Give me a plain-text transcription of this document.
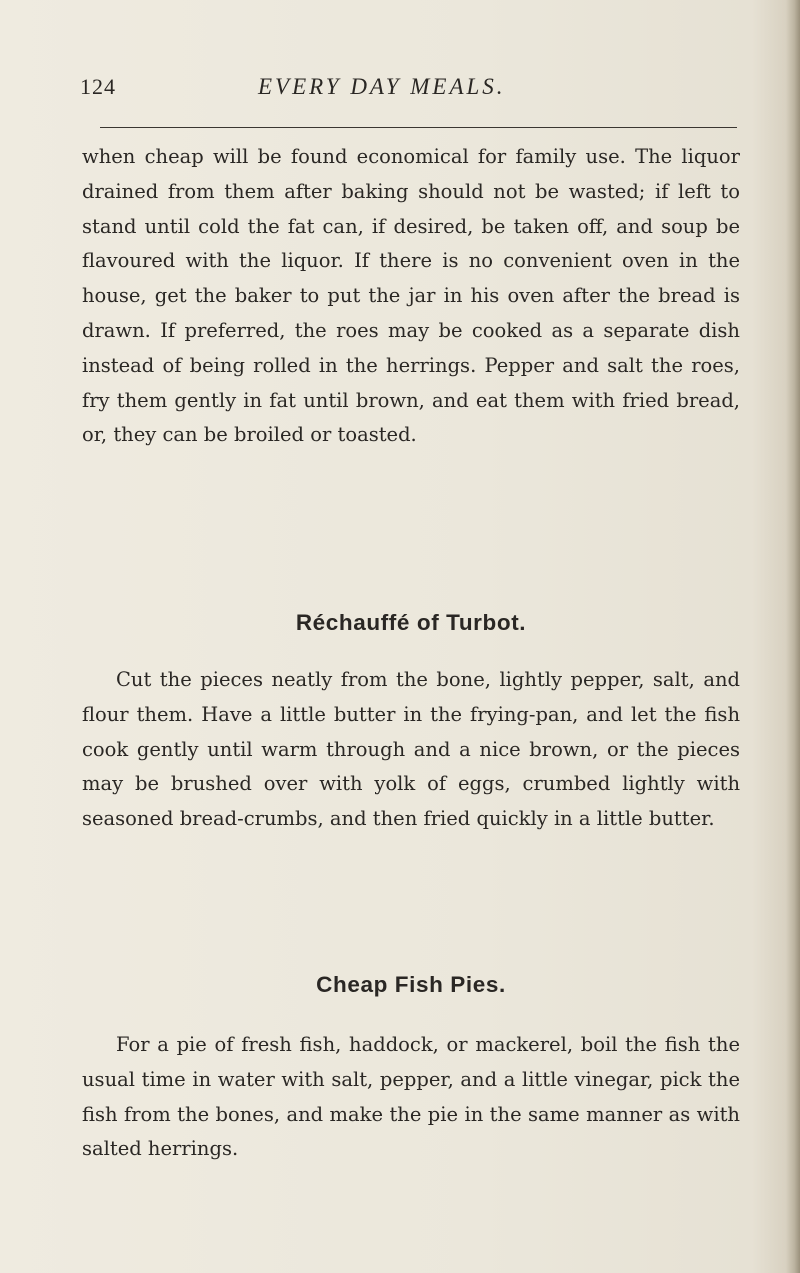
124	EVERY DAY MEALS.

when cheap will be found economical for family use. The liquor drained from them after baking should not be wasted; if left to stand until cold the fat can, if desired, be taken off, and soup be flavoured with the liquor. If there is no convenient oven in the house, get the baker to put the jar in his oven after the bread is drawn. If preferred, the roes may be cooked as a separate dish instead of being rolled in the herrings. Pepper and salt the roes, fry them gently in fat until brown, and eat them with fried bread, or, they can be broiled or toasted.

Réchauffé of Turbot.

Cut the pieces neatly from the bone, lightly pepper, salt, and flour them. Have a little butter in the frying-pan, and let the fish cook gently until warm through and a nice brown, or the pieces may be brushed over with yolk of eggs, crumbed lightly with seasoned bread-crumbs, and then fried quickly in a little butter.

Cheap Fish Pies.

For a pie of fresh fish, haddock, or mackerel, boil the fish the usual time in water with salt, pepper, and a little vinegar, pick the fish from the bones, and make the pie in the same manner as with salted herrings.
